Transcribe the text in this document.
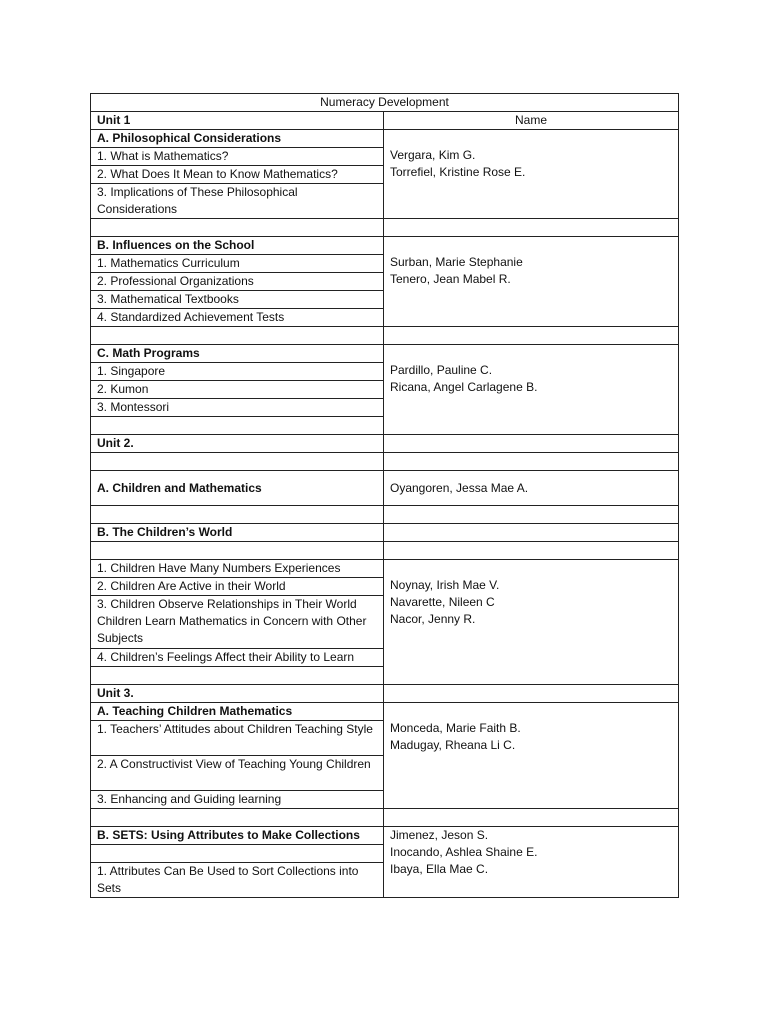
Numeracy Development	
Unit 1	Name
A. Philosophical Considerations	Vergara, Kim G.
Torrefiel, Kristine Rose E.

1. What is Mathematics?	
2. What Does It Mean to Know Mathematics?	
3. Implications of These Philosophical Considerations	

B. Influences on the School	Surban, Marie Stephanie
Tenero, Jean Mabel R.

1. Mathematics Curriculum	
2. Professional Organizations	
3. Mathematical Textbooks	
4. Standardized Achievement Tests	

C. Math Programs	Pardillo, Pauline C.
Ricana, Angel Carlagene B.

1. Singapore	
2. Kumon	
3. Montessori	

Unit 2.	

A. Children and Mathematics	Oyangoren, Jessa Mae A.

B. The Children’s World	

1. Children Have Many Numbers Experiences	Noynay, Irish Mae V.
Navarette, Nileen C
Nacor, Jenny R.

2. Children Are Active in their World	
3. Children Observe Relationships in Their World Children Learn Mathematics in Concern with Other Subjects	
4. Children’s Feelings Affect their Ability to Learn	

Unit 3.	
A. Teaching Children Mathematics	Monceda, Marie Faith B.
Madugay, Rheana Li C.

1. Teachers’ Attitudes about Children Teaching Style	
2. A Constructivist View of Teaching Young Children	
3. Enhancing and Guiding learning	

B. SETS: Using Attributes to Make Collections	Jimenez, Jeson S.
Inocando, Ashlea Shaine E.
Ibaya, Ella Mae C.

1. Attributes Can Be Used to Sort Collections into Sets	
